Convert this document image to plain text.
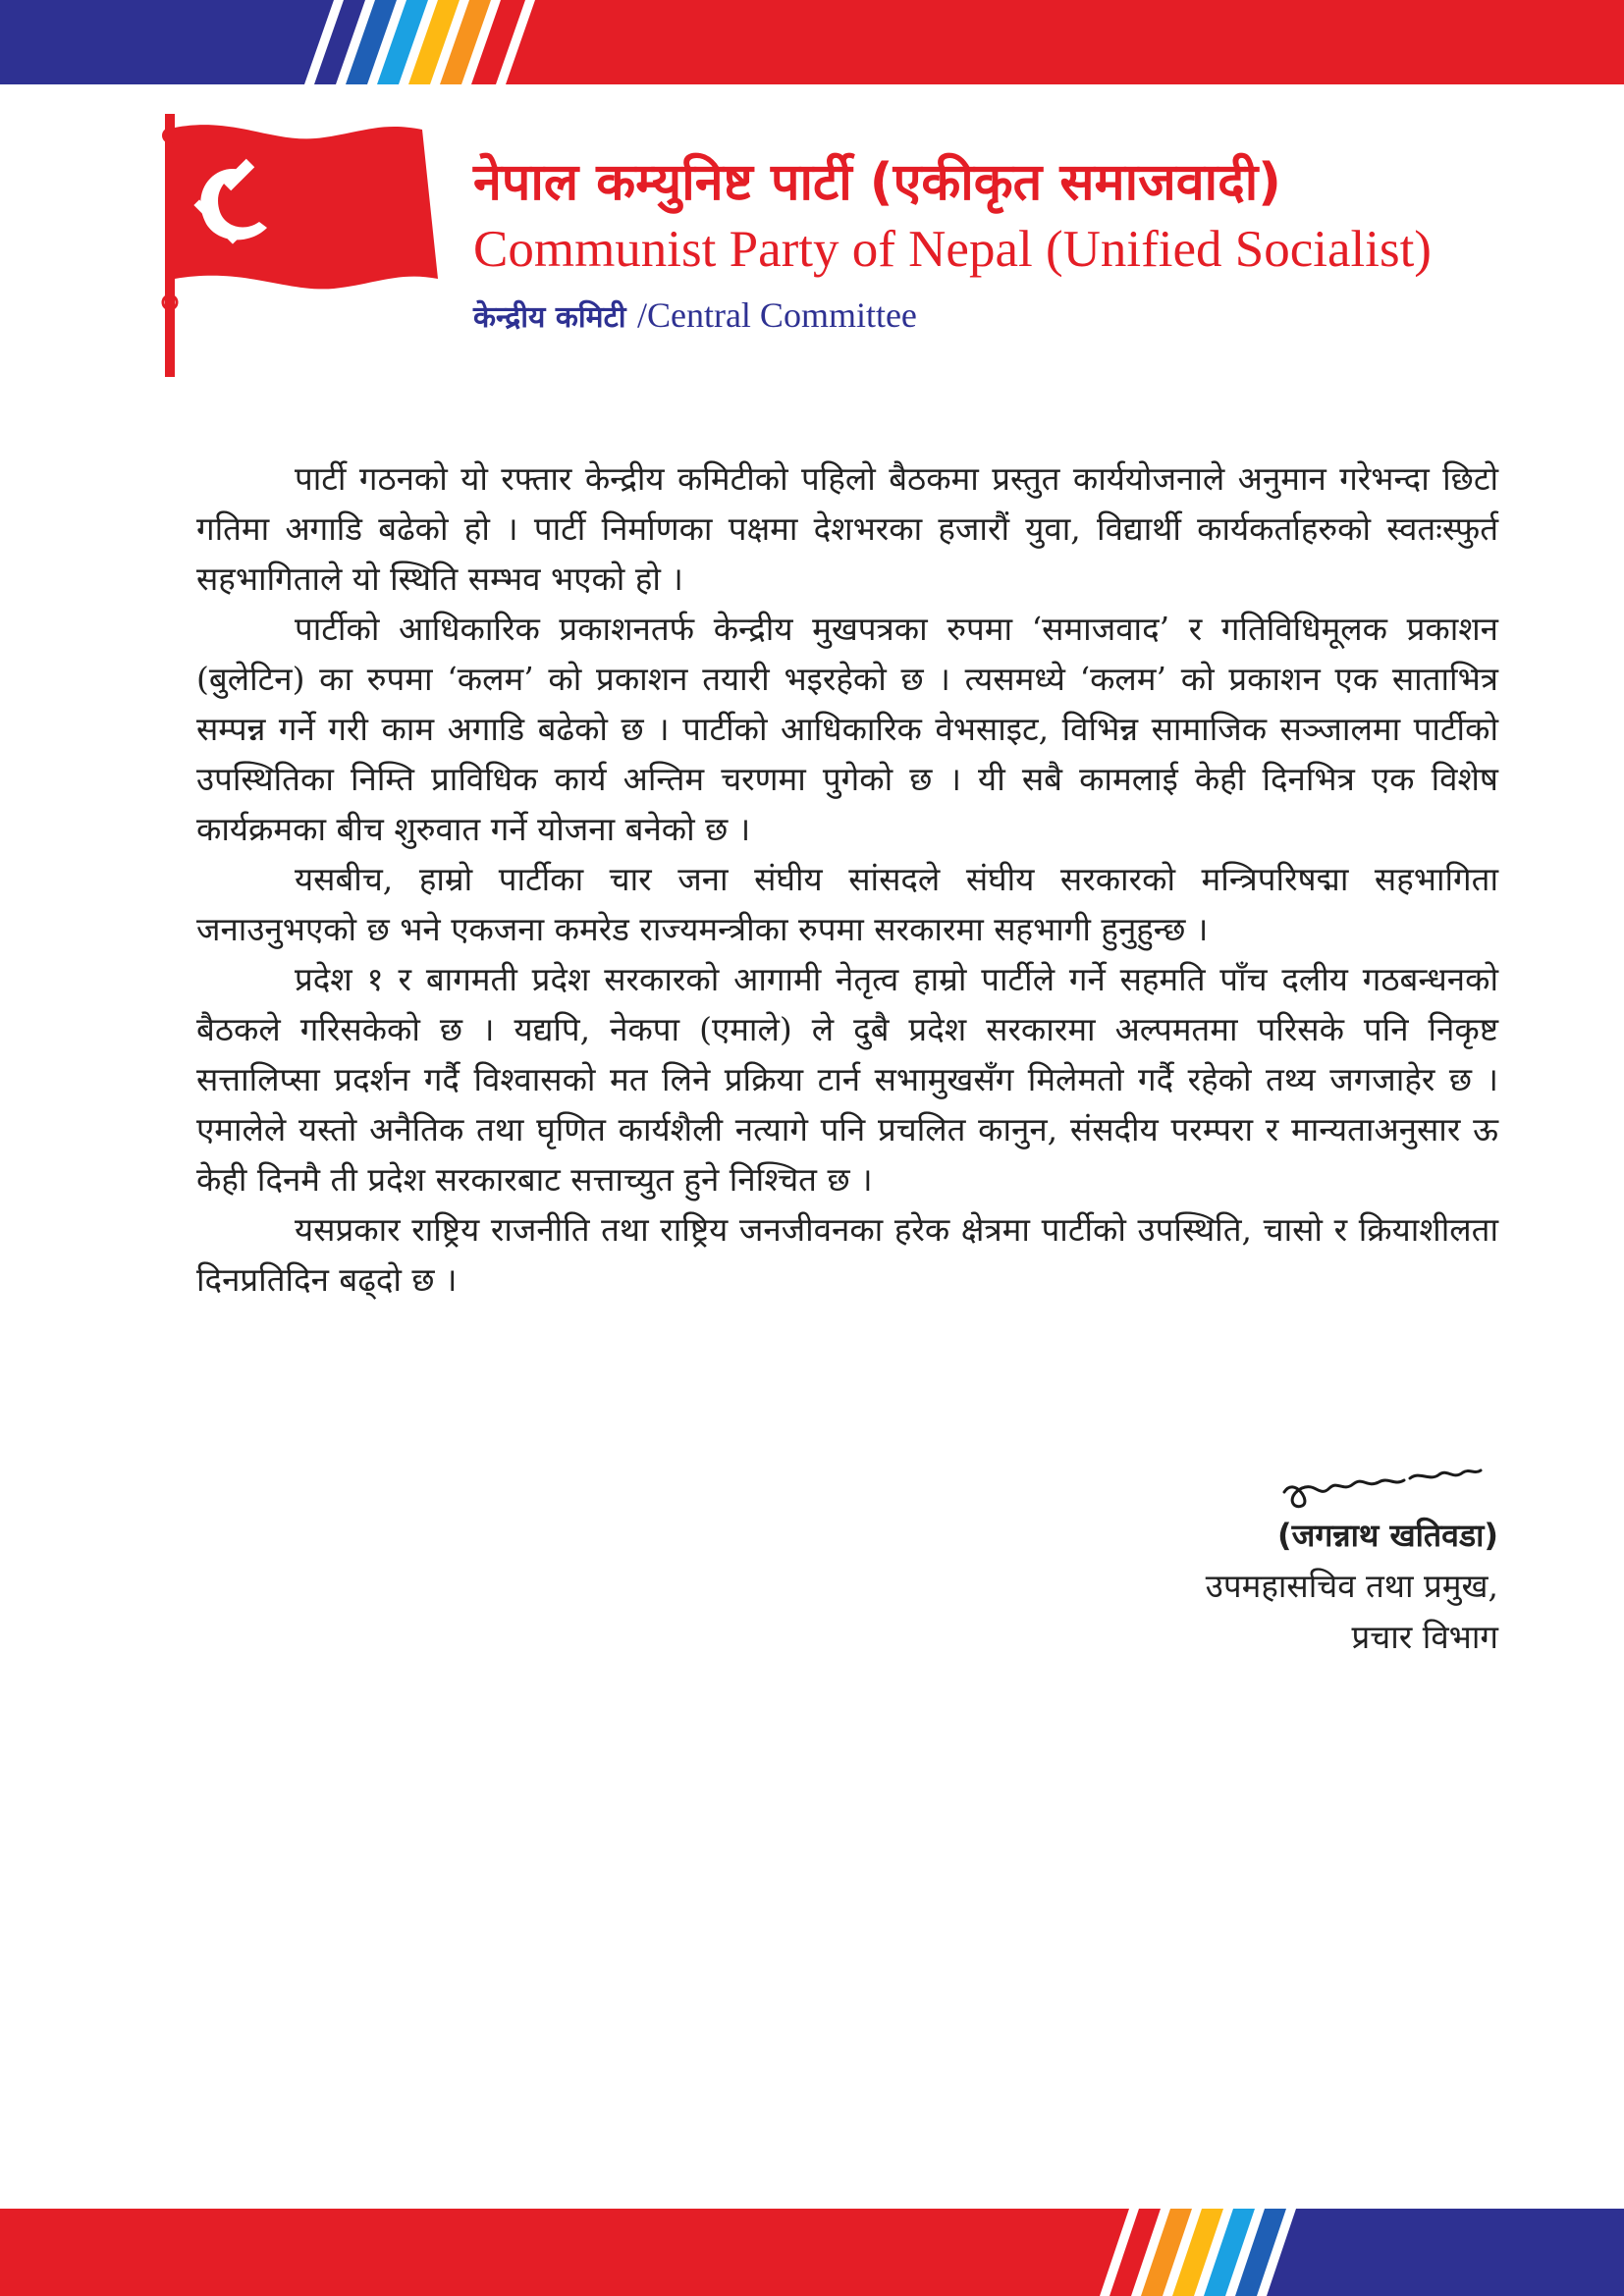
नेपाल कम्युनिष्ट पार्टी (एकीकृत समाजवादी)
Communist Party of Nepal (Unified Socialist)
केन्द्रीय कमिटी /Central Committee

पार्टी गठनको यो रफ्तार केन्द्रीय कमिटीको पहिलो बैठकमा प्रस्तुत कार्ययोजनाले अनुमान गरेभन्दा छिटो गतिमा अगाडि बढेको हो । पार्टी निर्माणका पक्षमा देशभरका हजारौं युवा, विद्यार्थी कार्यकर्ताहरुको स्वतःस्फुर्त सहभागिताले यो स्थिति सम्भव भएको हो ।

पार्टीको आधिकारिक प्रकाशनतर्फ केन्द्रीय मुखपत्रका रुपमा ‘समाजवाद’ र गतिविधिमूलक प्रकाशन (बुलेटिन) का रुपमा ‘कलम’ को प्रकाशन तयारी भइरहेको छ । त्यसमध्ये ‘कलम’ को प्रकाशन एक साताभित्र सम्पन्न गर्ने गरी काम अगाडि बढेको छ । पार्टीको आधिकारिक वेभसाइट, विभिन्न सामाजिक सञ्जालमा पार्टीको उपस्थितिका निम्ति प्राविधिक कार्य अन्तिम चरणमा पुगेको छ । यी सबै कामलाई केही दिनभित्र एक विशेष कार्यक्रमका बीच शुरुवात गर्ने योजना बनेको छ ।

यसबीच, हाम्रो पार्टीका चार जना संघीय सांसदले संघीय सरकारको मन्त्रिपरिषद्मा सहभागिता जनाउनुभएको छ भने एकजना कमरेड राज्यमन्त्रीका रुपमा सरकारमा सहभागी हुनुहुन्छ ।

प्रदेश १ र बागमती प्रदेश सरकारको आगामी नेतृत्व हाम्रो पार्टीले गर्ने सहमति पाँच दलीय गठबन्धनको बैठकले गरिसकेको छ । यद्यपि, नेकपा (एमाले) ले दुबै प्रदेश सरकारमा अल्पमतमा परिसके पनि निकृष्ट सत्तालिप्सा प्रदर्शन गर्दै विश्वासको मत लिने प्रक्रिया टार्न सभामुखसँग मिलेमतो गर्दै रहेको तथ्य जगजाहेर छ । एमालेले यस्तो अनैतिक तथा घृणित कार्यशैली नत्यागे पनि प्रचलित कानुन, संसदीय परम्परा र मान्यताअनुसार ऊ केही दिनमै ती प्रदेश सरकारबाट सत्ताच्युत हुने निश्चित छ ।

यसप्रकार राष्ट्रिय राजनीति तथा राष्ट्रिय जनजीवनका हरेक क्षेत्रमा पार्टीको उपस्थिति, चासो र क्रियाशीलता दिनप्रतिदिन बढ्दो छ ।

(जगन्नाथ खतिवडा)
उपमहासचिव तथा प्रमुख,
प्रचार विभाग
